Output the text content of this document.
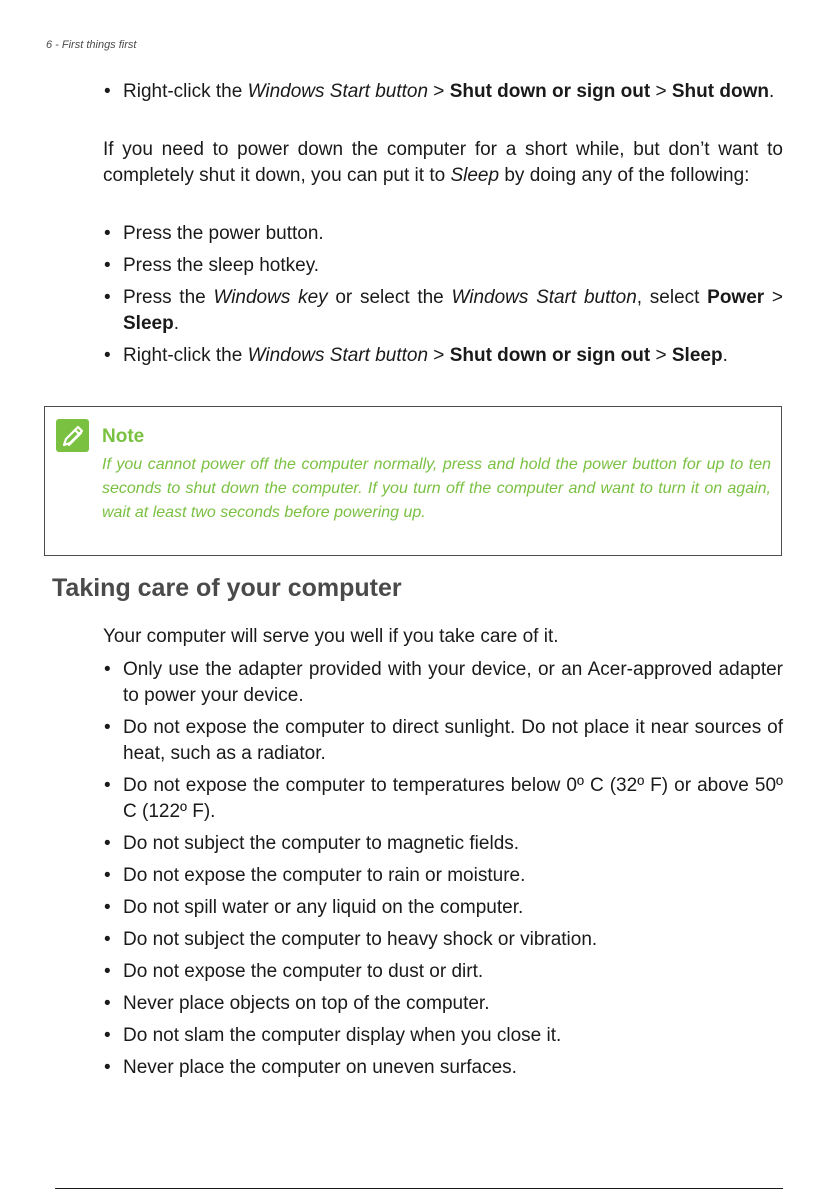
6 - First things first
• Right-click the Windows Start button > Shut down or sign out > Shut down.
If you need to power down the computer for a short while, but don’t want to completely shut it down, you can put it to Sleep by doing any of the following:
• Press the power button.
• Press the sleep hotkey.
• Press the Windows key or select the Windows Start button, select Power > Sleep.
• Right-click the Windows Start button > Shut down or sign out > Sleep.
Note
If you cannot power off the computer normally, press and hold the power button for up to ten seconds to shut down the computer. If you turn off the computer and want to turn it on again, wait at least two seconds before powering up.
Taking care of your computer
Your computer will serve you well if you take care of it.
• Only use the adapter provided with your device, or an Acer-approved adapter to power your device.
• Do not expose the computer to direct sunlight. Do not place it near sources of heat, such as a radiator.
• Do not expose the computer to temperatures below 0º C (32º F) or above 50º C (122º F).
• Do not subject the computer to magnetic fields.
• Do not expose the computer to rain or moisture.
• Do not spill water or any liquid on the computer.
• Do not subject the computer to heavy shock or vibration.
• Do not expose the computer to dust or dirt.
• Never place objects on top of the computer.
• Do not slam the computer display when you close it.
• Never place the computer on uneven surfaces.
